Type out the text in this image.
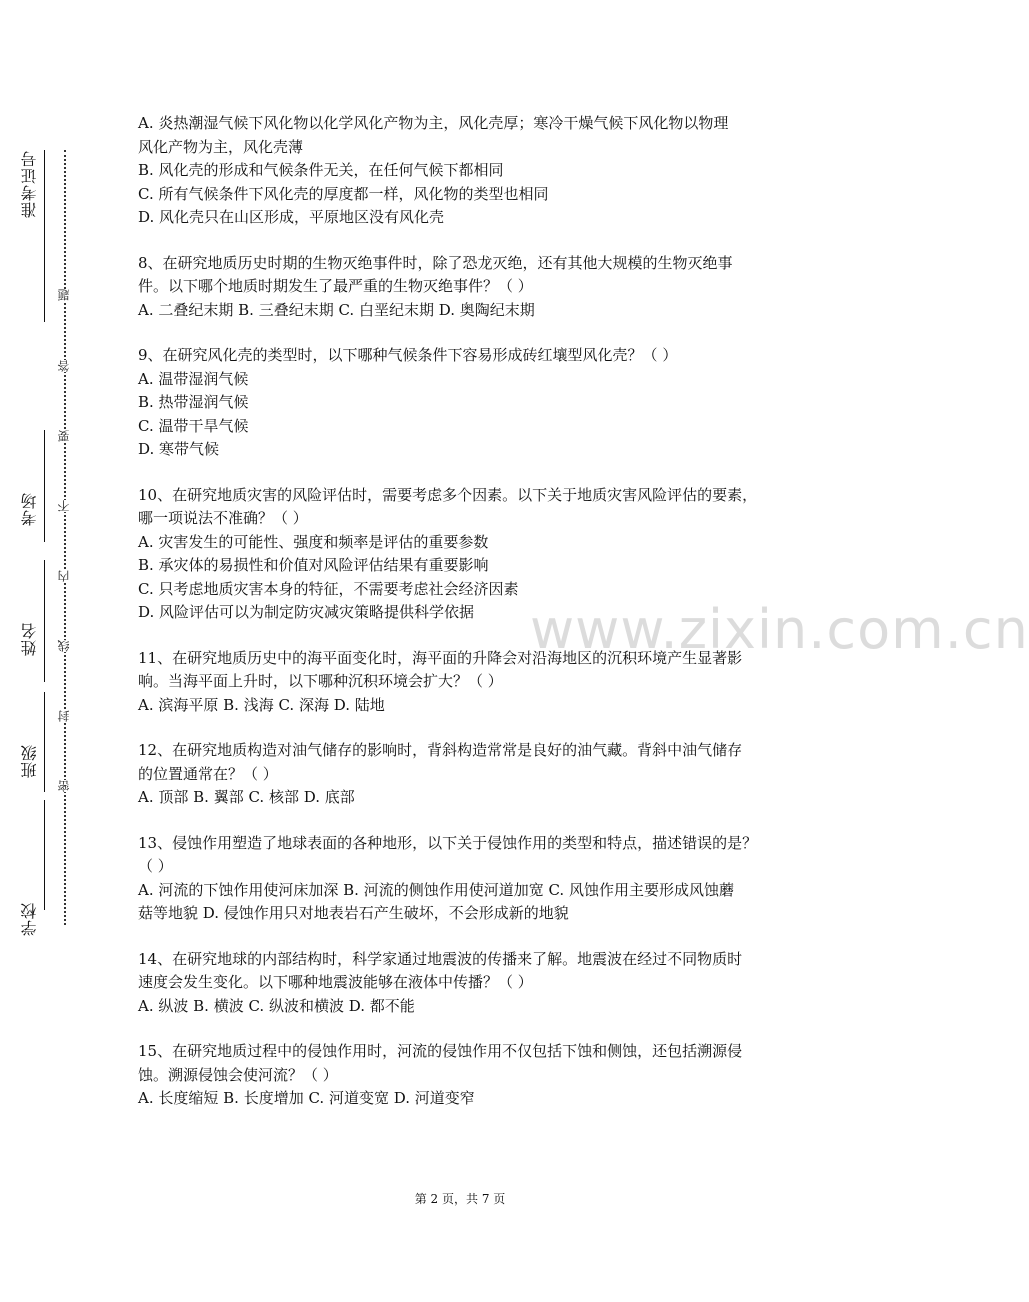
准考证号
考场
姓名
班级
学校
题
答
要
不
内
线
封
密
A. 炎热潮湿气候下风化物以化学风化产物为主，风化壳厚；寒冷干燥气候下风化物以物理
风化产物为主，风化壳薄
B. 风化壳的形成和气候条件无关，在任何气候下都相同
C. 所有气候条件下风化壳的厚度都一样，风化物的类型也相同
D. 风化壳只在山区形成，平原地区没有风化壳
8、在研究地质历史时期的生物灭绝事件时，除了恐龙灭绝，还有其他大规模的生物灭绝事
件。以下哪个地质时期发生了最严重的生物灭绝事件？（ ）
A. 二叠纪末期 B. 三叠纪末期 C. 白垩纪末期 D. 奥陶纪末期
9、在研究风化壳的类型时，以下哪种气候条件下容易形成砖红壤型风化壳？（ ）
A. 温带湿润气候
B. 热带湿润气候
C. 温带干旱气候
D. 寒带气候
10、在研究地质灾害的风险评估时，需要考虑多个因素。以下关于地质灾害风险评估的要素，
哪一项说法不准确？（ ）
A. 灾害发生的可能性、强度和频率是评估的重要参数
B. 承灾体的易损性和价值对风险评估结果有重要影响
C. 只考虑地质灾害本身的特征，不需要考虑社会经济因素
D. 风险评估可以为制定防灾减灾策略提供科学依据
11、在研究地质历史中的海平面变化时，海平面的升降会对沿海地区的沉积环境产生显著影
响。当海平面上升时，以下哪种沉积环境会扩大？（ ）
A. 滨海平原 B. 浅海 C. 深海 D. 陆地
12、在研究地质构造对油气储存的影响时，背斜构造常常是良好的油气藏。背斜中油气储存
的位置通常在？（ ）
A. 顶部 B. 翼部 C. 核部 D. 底部
13、侵蚀作用塑造了地球表面的各种地形，以下关于侵蚀作用的类型和特点，描述错误的是？
（ ）
A. 河流的下蚀作用使河床加深 B. 河流的侧蚀作用使河道加宽 C. 风蚀作用主要形成风蚀蘑
菇等地貌 D. 侵蚀作用只对地表岩石产生破坏，不会形成新的地貌
14、在研究地球的内部结构时，科学家通过地震波的传播来了解。地震波在经过不同物质时
速度会发生变化。以下哪种地震波能够在液体中传播？（ ）
A. 纵波 B. 横波 C. 纵波和横波 D. 都不能
15、在研究地质过程中的侵蚀作用时，河流的侵蚀作用不仅包括下蚀和侧蚀，还包括溯源侵
蚀。溯源侵蚀会使河流？（ ）
A. 长度缩短 B. 长度增加 C. 河道变宽 D. 河道变窄
www.zixin.com.cn
第 2 页，共 7 页
